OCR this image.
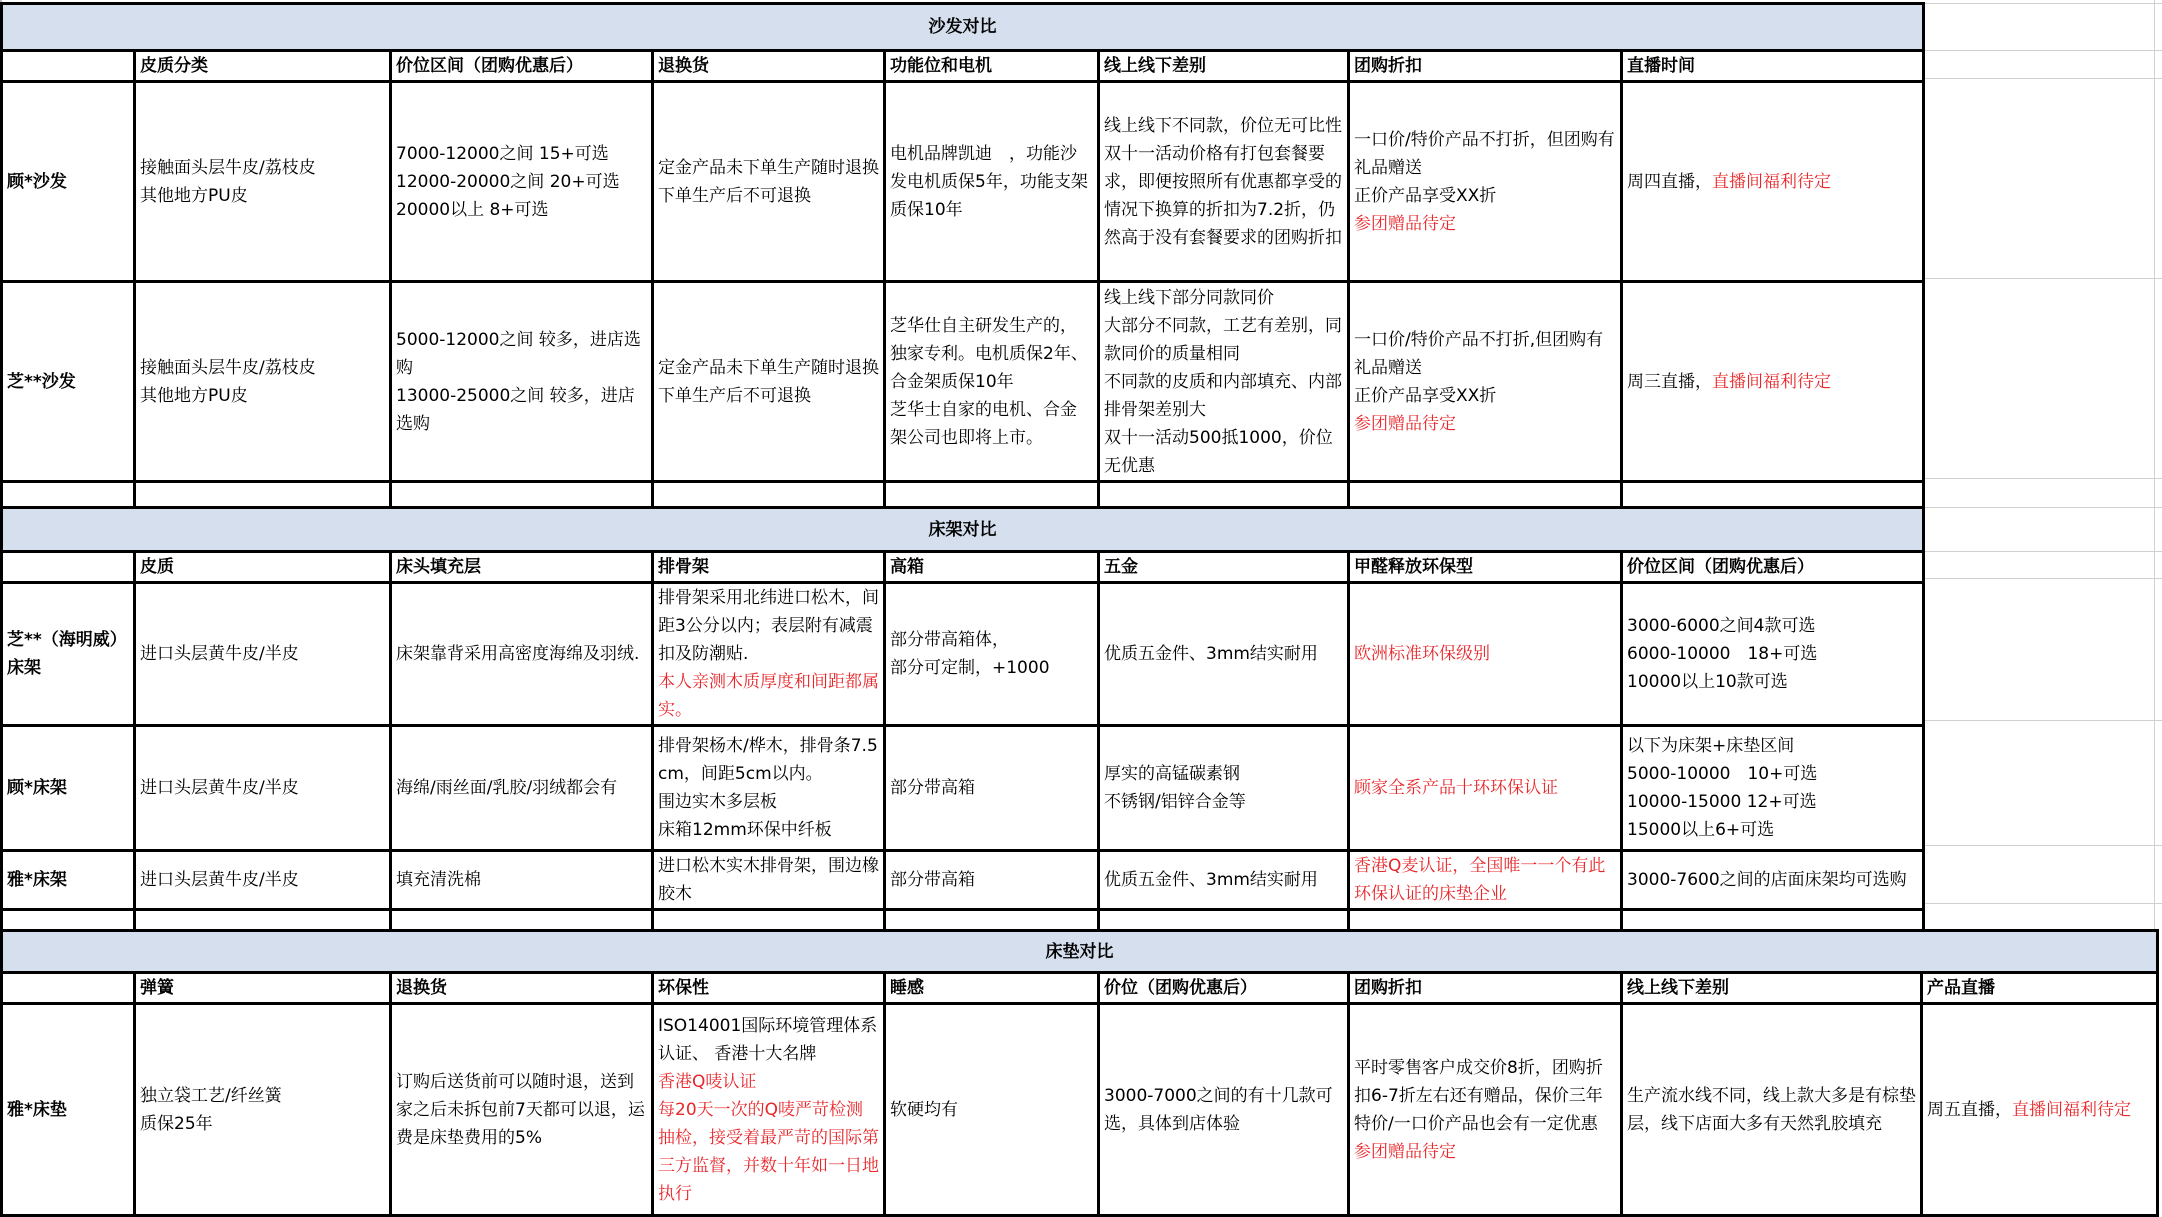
沙发对比							
	皮质分类	价位区间（团购优惠后）	退换货	功能位和电机	线上线下差别	团购折扣	直播时间
顾*沙发	接触面头层牛皮/荔枝皮
其他地方PU皮	7000-12000之间 15+可选
12000-20000之间 20+可选
20000以上 8+可选	定金产品未下单生产随时退换
下单生产后不可退换	电机品牌凯迪　，功能沙发电机质保5年，功能支架质保10年	线上线下不同款，价位无可比性
双十一活动价格有打包套餐要求，即便按照所有优惠都享受的情况下换算的折扣为7.2折，仍然高于没有套餐要求的团购折扣	一口价/特价产品不打折，但团购有礼品赠送
正价产品享受XX折
参团赠品待定	周四直播，直播间福利待定
芝**沙发	接触面头层牛皮/荔枝皮
其他地方PU皮	5000-12000之间 较多，进店选购
13000-25000之间 较多，进店选购	定金产品未下单生产随时退换
下单生产后不可退换	芝华仕自主研发生产的，独家专利。电机质保2年、合金架质保10年
芝华士自家的电机、合金架公司也即将上市。	线上线下部分同款同价
大部分不同款，工艺有差别，同款同价的质量相同
不同款的皮质和内部填充、内部排骨架差别大
双十一活动500抵1000，价位无优惠	一口价/特价产品不打折,但团购有礼品赠送
正价产品享受XX折
参团赠品待定	周三直播，直播间福利待定

床架对比							
	皮质	床头填充层	排骨架	高箱	五金	甲醛释放环保型	价位区间（团购优惠后）
芝**（海明威）床架	进口头层黄牛皮/半皮	床架靠背采用高密度海绵及羽绒.	排骨架采用北纬进口松木，间距3公分以内；表层附有减震扣及防潮贴.
本人亲测木质厚度和间距都属实。	部分带高箱体，
部分可定制，+1000	优质五金件、3mm结实耐用	欧洲标准环保级别	3000-6000之间4款可选
6000-10000　18+可选
10000以上10款可选

顾*床架	进口头层黄牛皮/半皮	海绵/雨丝面/乳胶/羽绒都会有	排骨架杨木/桦木，排骨条7.5cm，间距5cm以内。
围边实木多层板
床箱12mm环保中纤板	部分带高箱	厚实的高锰碳素钢
不锈钢/铝锌合金等	顾家全系产品十环环保认证	以下为床架+床垫区间
5000-10000　10+可选
10000-15000 12+可选
15000以上6+可选

雅*床架	进口头层黄牛皮/半皮	填充清洗棉	进口松木实木排骨架，围边橡胶木	部分带高箱	优质五金件、3mm结实耐用	香港Q麦认证，全国唯一一个有此环保认证的床垫企业	3000-7600之间的店面床架均可选购

床垫对比								
	弹簧	退换货	环保性	睡感	价位（团购优惠后）	团购折扣	线上线下差别	产品直播
雅*床垫	独立袋工艺/纤丝簧
质保25年	订购后送货前可以随时退，送到家之后未拆包前7天都可以退，运费是床垫费用的5%	ISO14001国际环境管理体系认证、 香港十大名牌
香港Q唛认证
每20天一次的Q唛严苛检测抽检，接受着最严苛的国际第三方监督，并数十年如一日地执行	软硬均有	3000-7000之间的有十几款可选，具体到店体验	平时零售客户成交价8折，团购折扣6-7折左右还有赠品，保价三年特价/一口价产品也会有一定优惠
参团赠品待定	生产流水线不同，线上款大多是有棕垫层，线下店面大多有天然乳胶填充	周五直播，直播间福利待定
